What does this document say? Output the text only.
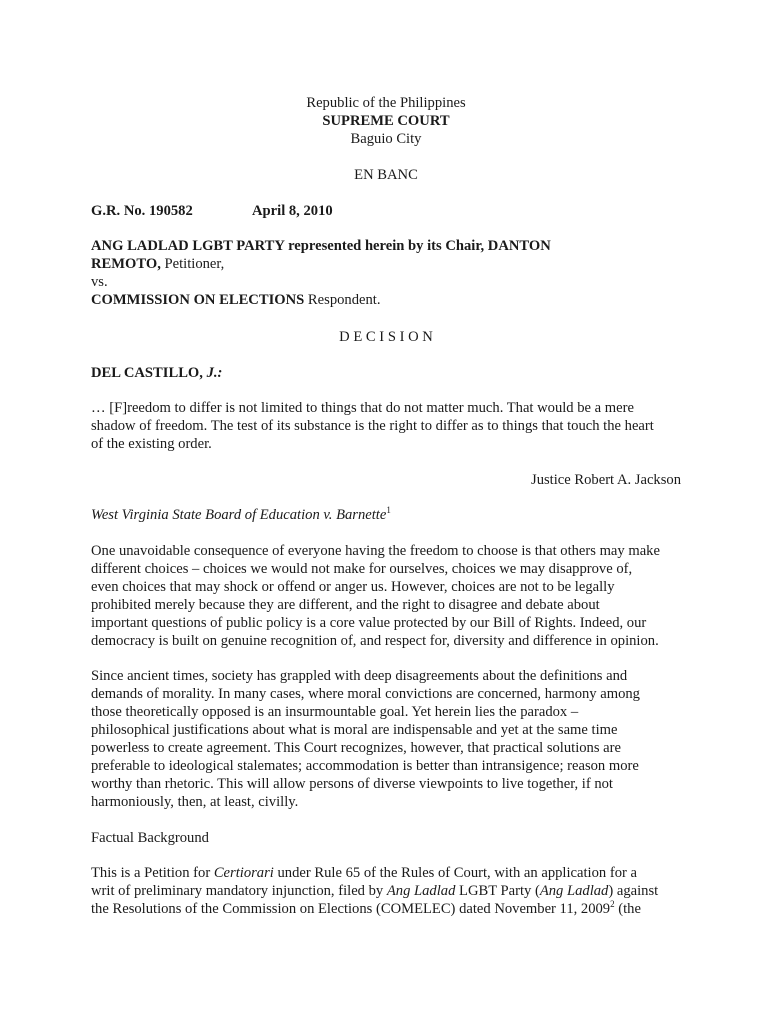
Republic of the Philippines
SUPREME COURT
Baguio City
EN BANC
G.R. No. 190582	April 8, 2010
ANG LADLAD LGBT PARTY represented herein by its Chair, DANTON
REMOTO, Petitioner,
vs.
COMMISSION ON ELECTIONS Respondent.
D E C I S I O N
DEL CASTILLO, J.:
… [F]reedom to differ is not limited to things that do not matter much. That would be a mere
shadow of freedom. The test of its substance is the right to differ as to things that touch the heart
of the existing order.
Justice Robert A. Jackson
West Virginia State Board of Education v. Barnette$^1$
One unavoidable consequence of everyone having the freedom to choose is that others may make
different choices – choices we would not make for ourselves, choices we may disapprove of,
even choices that may shock or offend or anger us. However, choices are not to be legally
prohibited merely because they are different, and the right to disagree and debate about
important questions of public policy is a core value protected by our Bill of Rights. Indeed, our
democracy is built on genuine recognition of, and respect for, diversity and difference in opinion.
Since ancient times, society has grappled with deep disagreements about the definitions and
demands of morality. In many cases, where moral convictions are concerned, harmony among
those theoretically opposed is an insurmountable goal. Yet herein lies the paradox –
philosophical justifications about what is moral are indispensable and yet at the same time
powerless to create agreement. This Court recognizes, however, that practical solutions are
preferable to ideological stalemates; accommodation is better than intransigence; reason more
worthy than rhetoric. This will allow persons of diverse viewpoints to live together, if not
harmoniously, then, at least, civilly.
Factual Background
This is a Petition for Certiorari under Rule 65 of the Rules of Court, with an application for a
writ of preliminary mandatory injunction, filed by Ang Ladlad LGBT Party (Ang Ladlad) against
the Resolutions of the Commission on Elections (COMELEC) dated November 11, 2009$^2$ (the
